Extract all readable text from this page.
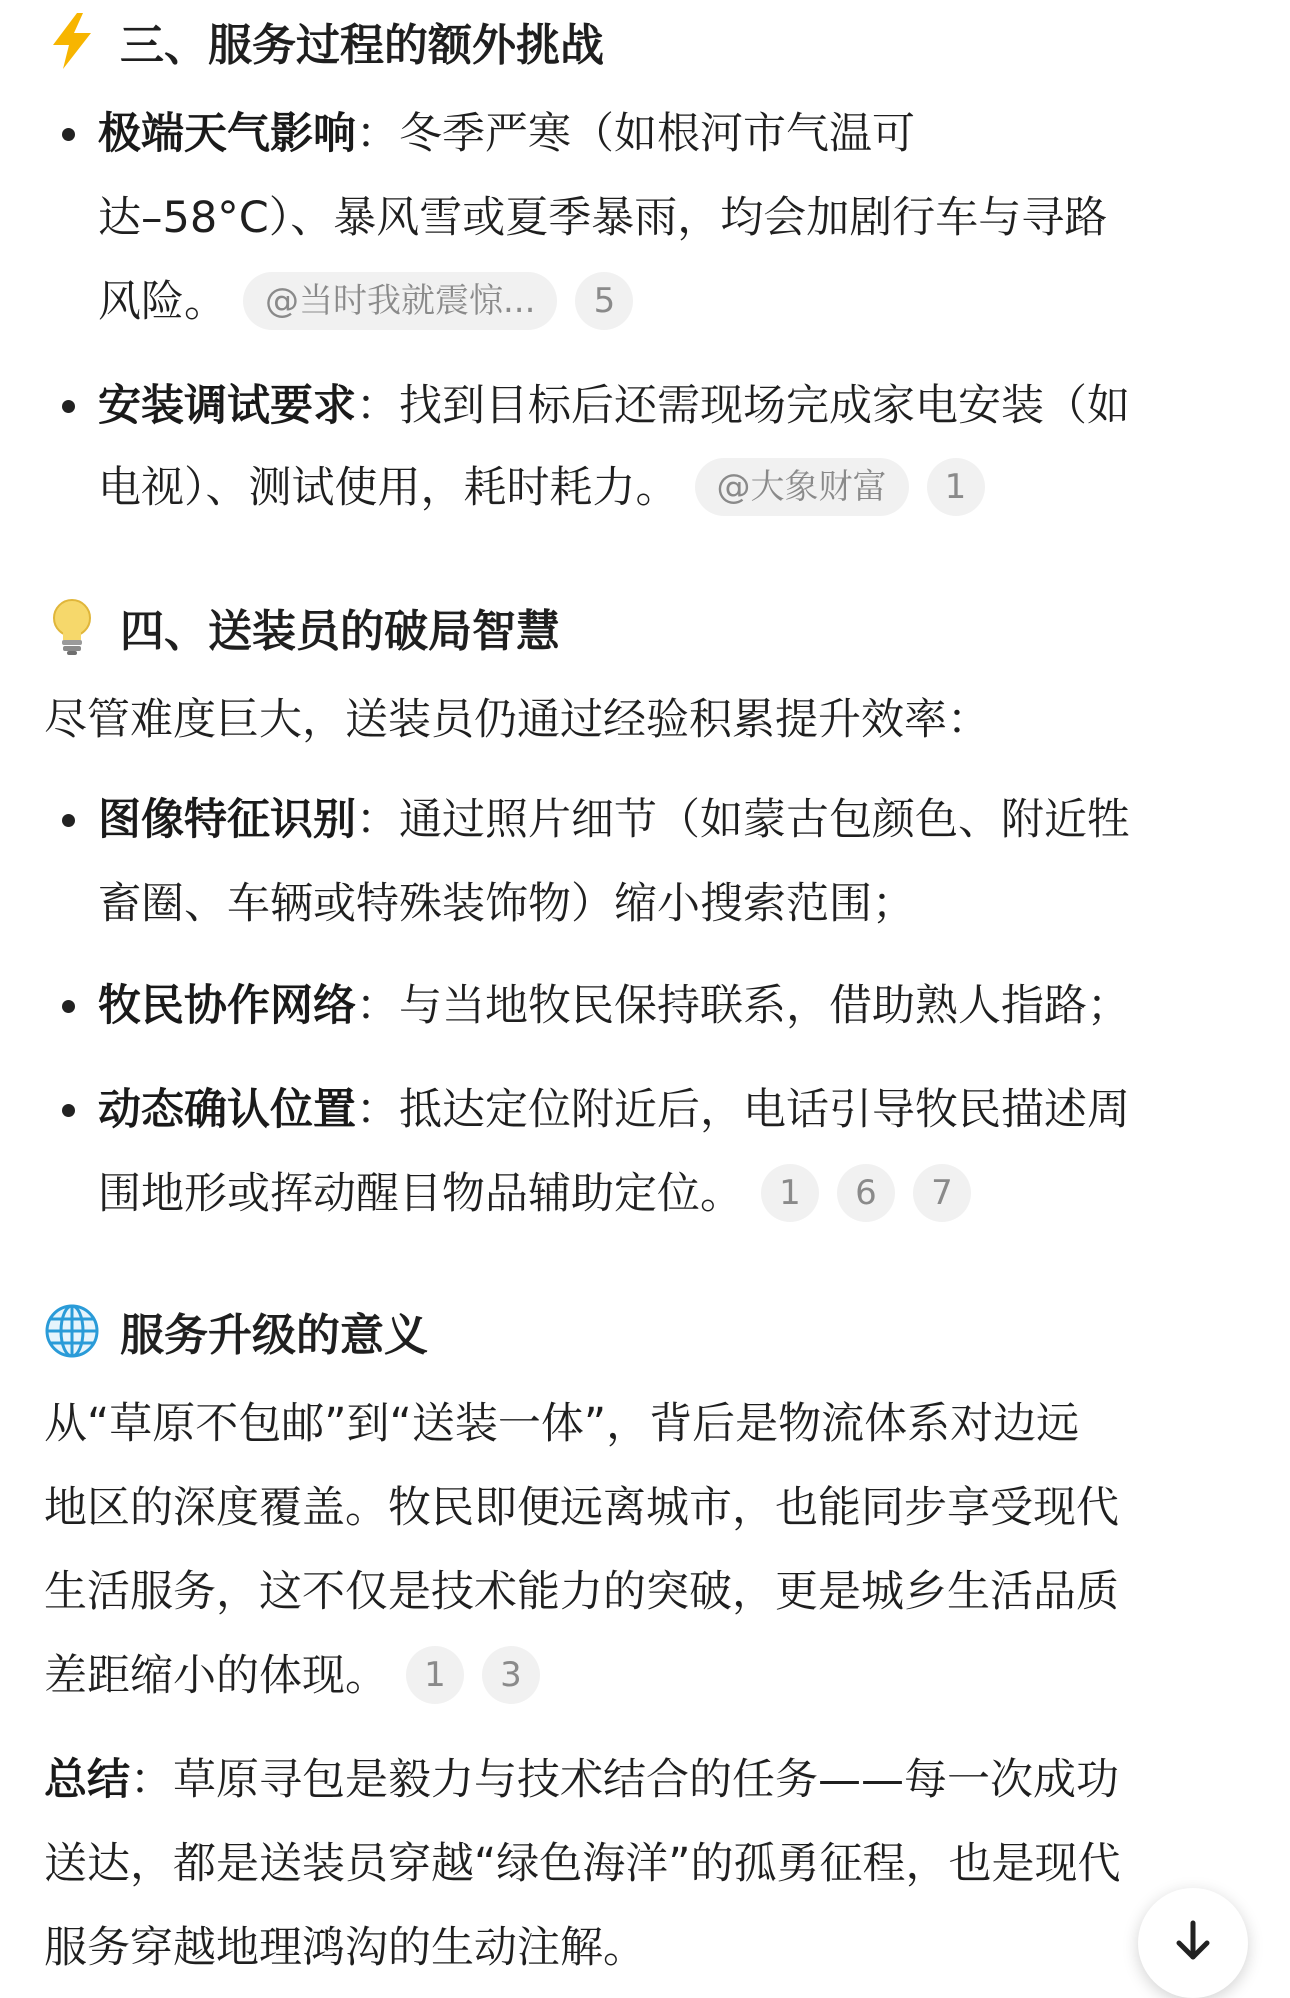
三、服务过程的额外挑战
极端天气影响：冬季严寒（如根河市气温可
达–58°C）、暴风雪或夏季暴雨，均会加剧行车与寻路
风险。 @当时我就震惊... 5
安装调试要求：找到目标后还需现场完成家电安装（如
电视）、测试使用，耗时耗力。 @大象财富 1
四、送装员的破局智慧
尽管难度巨大，送装员仍通过经验积累提升效率：
图像特征识别：通过照片细节（如蒙古包颜色、附近牲
畜圈、车辆或特殊装饰物）缩小搜索范围；
牧民协作网络：与当地牧民保持联系，借助熟人指路；
动态确认位置：抵达定位附近后，电话引导牧民描述周
围地形或挥动醒目物品辅助定位。 1 6 7
服务升级的意义
从“草原不包邮”到“送装一体”，背后是物流体系对边远
地区的深度覆盖。牧民即便远离城市，也能同步享受现代
生活服务，这不仅是技术能力的突破，更是城乡生活品质
差距缩小的体现。 1 3
总结：草原寻包是毅力与技术结合的任务——每一次成功
送达，都是送装员穿越“绿色海洋”的孤勇征程，也是现代
服务穿越地理鸿沟的生动注解。
